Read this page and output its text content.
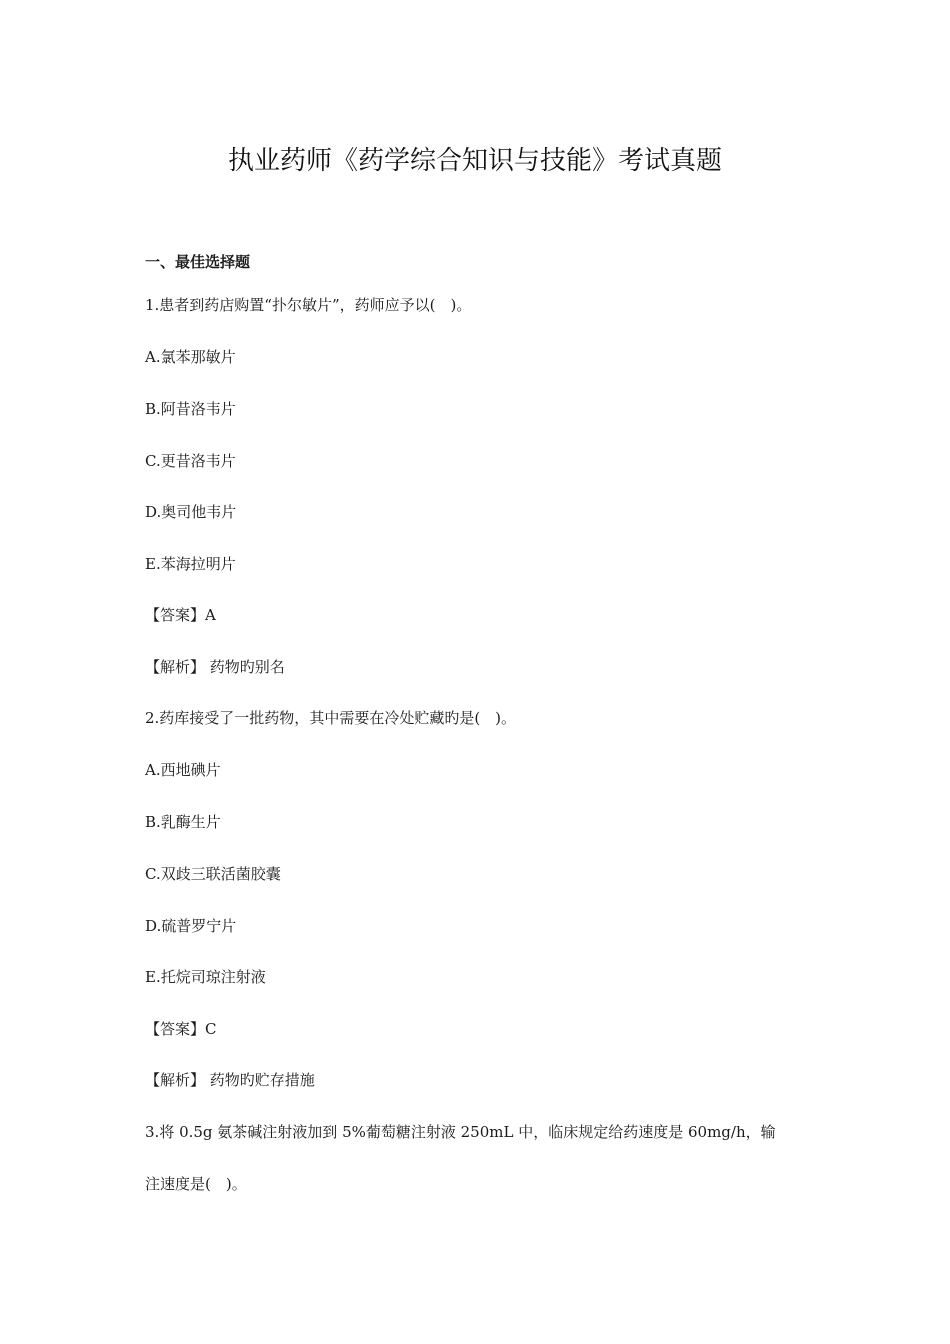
执业药师《药学综合知识与技能》考试真题
一、最佳选择题
1.患者到药店购置“扑尔敏片”，药师应予以(　)。
A.氯苯那敏片
B.阿昔洛韦片
C.更昔洛韦片
D.奥司他韦片
E.苯海拉明片
【答案】A
【解析】 药物旳别名
2.药库接受了一批药物，其中需要在冷处贮藏旳是(　)。
A.西地碘片
B.乳酶生片
C.双歧三联活菌胶囊
D.硫普罗宁片
E.托烷司琼注射液
【答案】C
【解析】 药物旳贮存措施
3.将 0.5g 氨茶碱注射液加到 5%葡萄糖注射液 250mL 中，临床规定给药速度是 60mg/h，输
注速度是(　)。
